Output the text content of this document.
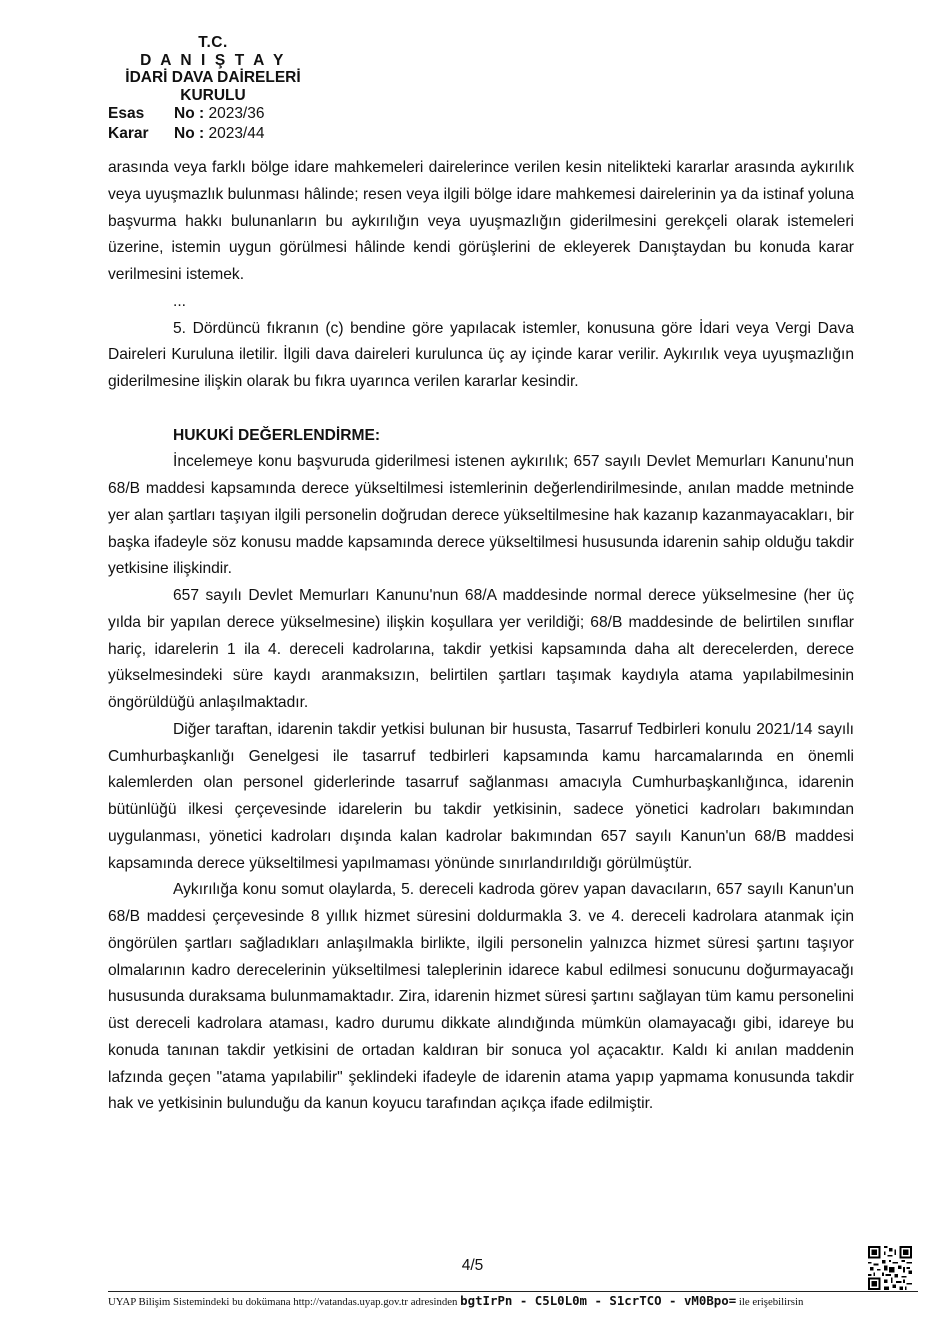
T.C.
D A N I Ş T A Y
İDARİ DAVA DAİRELERİ
KURULU
Esas No : 2023/36
Karar No : 2023/44

arasında veya farklı bölge idare mahkemeleri dairelerince verilen kesin nitelikteki kararlar arasında aykırılık veya uyuşmazlık bulunması hâlinde; resen veya ilgili bölge idare mahkemesi dairelerinin ya da istinaf yoluna başvurma hakkı bulunanların bu aykırılığın veya uyuşmazlığın giderilmesini gerekçeli olarak istemeleri üzerine, istemin uygun görülmesi hâlinde kendi görüşlerini de ekleyerek Danıştaydan bu konuda karar verilmesini istemek.

...

5. Dördüncü fıkranın (c) bendine göre yapılacak istemler, konusuna göre İdari veya Vergi Dava Daireleri Kuruluna iletilir. İlgili dava daireleri kurulunca üç ay içinde karar verilir. Aykırılık veya uyuşmazlığın giderilmesine ilişkin olarak bu fıkra uyarınca verilen kararlar kesindir.

HUKUKİ DEĞERLENDİRME:

İncelemeye konu başvuruda giderilmesi istenen aykırılık; 657 sayılı Devlet Memurları Kanunu'nun 68/B maddesi kapsamında derece yükseltilmesi istemlerinin değerlendirilmesinde, anılan madde metninde yer alan şartları taşıyan ilgili personelin doğrudan derece yükseltilmesine hak kazanıp kazanmayacakları, bir başka ifadeyle söz konusu madde kapsamında derece yükseltilmesi hususunda idarenin sahip olduğu takdir yetkisine ilişkindir.

657 sayılı Devlet Memurları Kanunu'nun 68/A maddesinde normal derece yükselmesine (her üç yılda bir yapılan derece yükselmesine) ilişkin koşullara yer verildiği; 68/B maddesinde de belirtilen sınıflar hariç, idarelerin 1 ila 4. dereceli kadrolarına, takdir yetkisi kapsamında daha alt derecelerden, derece yükselmesindeki süre kaydı aranmaksızın, belirtilen şartları taşımak kaydıyla atama yapılabilmesinin öngörüldüğü anlaşılmaktadır.

Diğer taraftan, idarenin takdir yetkisi bulunan bir hususta, Tasarruf Tedbirleri konulu 2021/14 sayılı Cumhurbaşkanlığı Genelgesi ile tasarruf tedbirleri kapsamında kamu harcamalarında en önemli kalemlerden olan personel giderlerinde tasarruf sağlanması amacıyla Cumhurbaşkanlığınca, idarenin bütünlüğü ilkesi çerçevesinde idarelerin bu takdir yetkisinin, sadece yönetici kadroları bakımından uygulanması, yönetici kadroları dışında kalan kadrolar bakımından 657 sayılı Kanun'un 68/B maddesi kapsamında derece yükseltilmesi yapılmaması yönünde sınırlandırıldığı görülmüştür.

Aykırılığa konu somut olaylarda, 5. dereceli kadroda görev yapan davacıların, 657 sayılı Kanun'un 68/B maddesi çerçevesinde 8 yıllık hizmet süresini doldurmakla 3. ve 4. dereceli kadrolara atanmak için öngörülen şartları sağladıkları anlaşılmakla birlikte, ilgili personelin yalnızca hizmet süresi şartını taşıyor olmalarının kadro derecelerinin yükseltilmesi taleplerinin idarece kabul edilmesi sonucunu doğurmayacağı hususunda duraksama bulunmamaktadır. Zira, idarenin hizmet süresi şartını sağlayan tüm kamu personelini üst dereceli kadrolara ataması, kadro durumu dikkate alındığında mümkün olamayacağı gibi, idareye bu konuda tanınan takdir yetkisini de ortadan kaldıran bir sonuca yol açacaktır. Kaldı ki anılan maddenin lafzında geçen "atama yapılabilir" şeklindeki ifadeyle de idarenin atama yapıp yapmama konusunda takdir hak ve yetkisinin bulunduğu da kanun koyucu tarafından açıkça ifade edilmiştir.

4/5
UYAP Bilişim Sistemindeki bu dokümana http://vatandas.uyap.gov.tr adresinden bgtIrPn - C5L0L0m - S1crTCO - vM0Bpo= ile erişebilirsin
